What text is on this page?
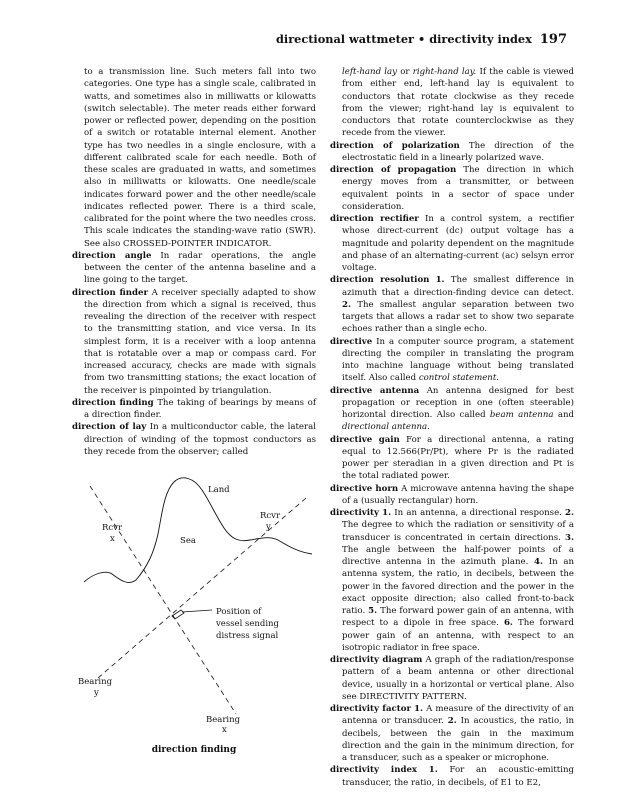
directional wattmeter • directivity index 197

to a transmission line. Such meters fall into two categories. One type has a single scale, calibrated in watts, and sometimes also in milliwatts or kilowatts (switch selectable). The meter reads either forward power or reflected power, depending on the position of a switch or rotatable internal element. Another type has two needles in a single enclosure, with a different calibrated scale for each needle. Both of these scales are graduated in watts, and sometimes also in milliwatts or kilowatts. One needle/scale indicates forward power and the other needle/scale indicates reflected power. There is a third scale, calibrated for the point where the two needles cross. This scale indicates the standing-wave ratio (SWR). See also CROSSED-POINTER INDICATOR.

direction angle In radar operations, the angle between the center of the antenna baseline and a line going to the target.

direction finder A receiver specially adapted to show the direction from which a signal is received, thus revealing the direction of the receiver with respect to the transmitting station, and vice versa. In its simplest form, it is a receiver with a loop antenna that is rotatable over a map or compass card. For increased accuracy, checks are made with signals from two transmitting stations; the exact location of the receiver is pinpointed by triangulation.

direction finding The taking of bearings by means of a direction finder.

direction of lay In a multiconductor cable, the lateral direction of winding of the topmost conductors as they recede from the observer; called

Land
Sea
Rcvr
x
Rcvr
y
Position of
vessel sending
distress signal
Bearing
y
Bearing
x
direction finding

left-hand lay or right-hand lay. If the cable is viewed from either end, left-hand lay is equivalent to conductors that rotate clockwise as they recede from the viewer; right-hand lay is equivalent to conductors that rotate counterclockwise as they recede from the viewer.

direction of polarization The direction of the electrostatic field in a linearly polarized wave.

direction of propagation The direction in which energy moves from a transmitter, or between equivalent points in a sector of space under consideration.

direction rectifier In a control system, a rectifier whose direct-current (dc) output voltage has a magnitude and polarity dependent on the magnitude and phase of an alternating-current (ac) selsyn error voltage.

direction resolution 1. The smallest difference in azimuth that a direction-finding device can detect. 2. The smallest angular separation between two targets that allows a radar set to show two separate echoes rather than a single echo.

directive In a computer source program, a statement directing the compiler in translating the program into machine language without being translated itself. Also called control statement.

directive antenna An antenna designed for best propagation or reception in one (often steerable) horizontal direction. Also called beam antenna and directional antenna.

directive gain For a directional antenna, a rating equal to 12.566(Pr/Pt), where Pr is the radiated power per steradian in a given direction and Pt is the total radiated power.

directive horn A microwave antenna having the shape of a (usually rectangular) horn.

directivity 1. In an antenna, a directional response. 2. The degree to which the radiation or sensitivity of a transducer is concentrated in certain directions. 3. The angle between the half-power points of a directive antenna in the azimuth plane. 4. In an antenna system, the ratio, in decibels, between the power in the favored direction and the power in the exact opposite direction; also called front-to-back ratio. 5. The forward power gain of an antenna, with respect to a dipole in free space. 6. The forward power gain of an antenna, with respect to an isotropic radiator in free space.

directivity diagram A graph of the radiation/response pattern of a beam antenna or other directional device, usually in a horizontal or vertical plane. Also see DIRECTIVITY PATTERN.

directivity factor 1. A measure of the directivity of an antenna or transducer. 2. In acoustics, the ratio, in decibels, between the gain in the maximum direction and the gain in the minimum direction, for a transducer, such as a speaker or microphone.

directivity index 1. For an acoustic-emitting transducer, the ratio, in decibels, of E1 to E2,
